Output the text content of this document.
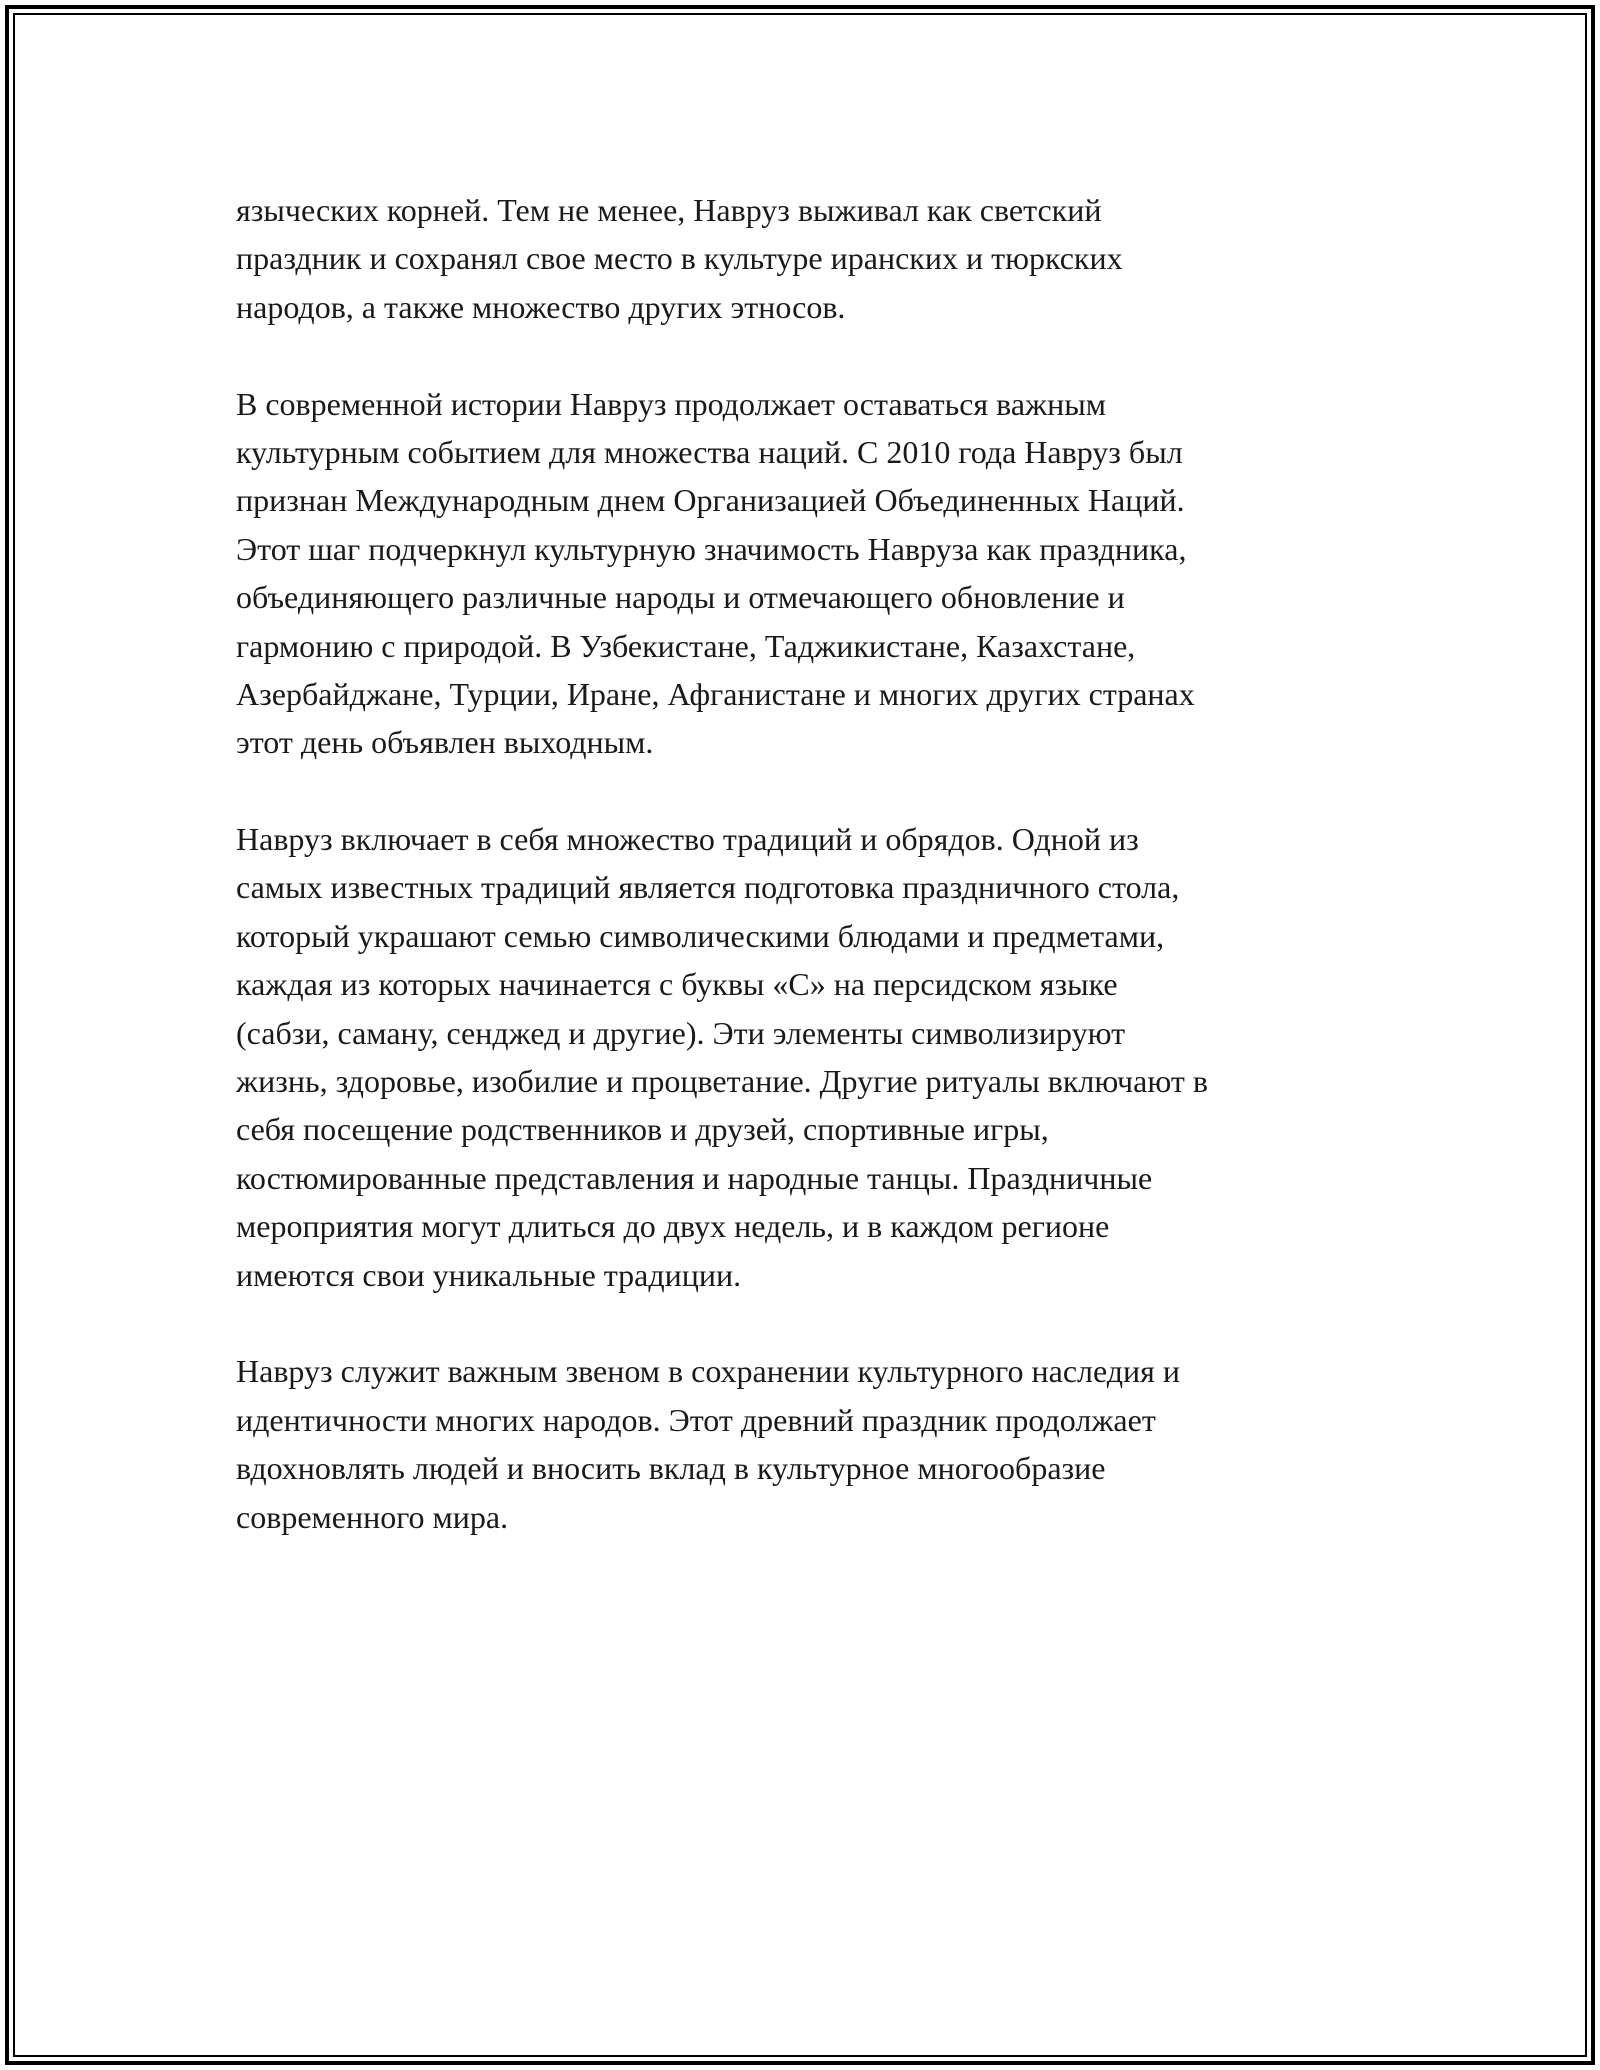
языческих корней. Тем не менее, Навруз выживал как светский
праздник и сохранял свое место в культуре иранских и тюркских
народов, а также множество других этносов.

В современной истории Навруз продолжает оставаться важным
культурным событием для множества наций. С 2010 года Навруз был
признан Международным днем Организацией Объединенных Наций.
Этот шаг подчеркнул культурную значимость Навруза как праздника,
объединяющего различные народы и отмечающего обновление и
гармонию с природой. В Узбекистане, Таджикистане, Казахстане,
Азербайджане, Турции, Иране, Афганистане и многих других странах
этот день объявлен выходным.

Навруз включает в себя множество традиций и обрядов. Одной из
самых известных традиций является подготовка праздничного стола,
который украшают семью символическими блюдами и предметами,
каждая из которых начинается с буквы «С» на персидском языке
(сабзи, саману, сенджед и другие). Эти элементы символизируют
жизнь, здоровье, изобилие и процветание. Другие ритуалы включают в
себя посещение родственников и друзей, спортивные игры,
костюмированные представления и народные танцы. Праздничные
мероприятия могут длиться до двух недель, и в каждом регионе
имеются свои уникальные традиции.

Навруз служит важным звеном в сохранении культурного наследия и
идентичности многих народов. Этот древний праздник продолжает
вдохновлять людей и вносить вклад в культурное многообразие
современного мира.
